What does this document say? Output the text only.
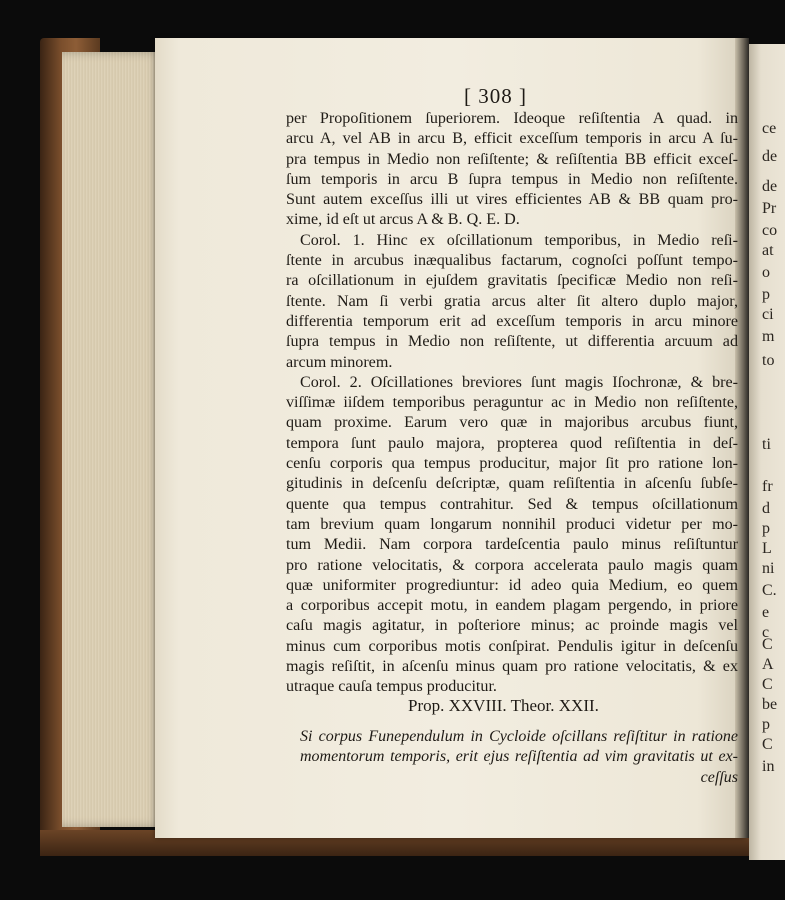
ce
de
de
Pr
co
at
o
p
ci
m
to
ti
fr
d
p
L
ni
C.
e
c
C
A
C
be
p
C
in
[ 308 ]
per Propoſitionem ſuperiorem. Ideoque reſiſtentia A quad. in
arcu A, vel AB in arcu B, efficit exceſſum temporis in arcu A ſu-
pra tempus in Medio non reſiſtente; & reſiſtentia BB efficit exceſ-
ſum temporis in arcu B ſupra tempus in Medio non reſiſtente.
Sunt autem exceſſus illi ut vires efficientes AB & BB quam pro-
xime, id eſt ut arcus A & B. Q. E. D.
Corol. 1. Hinc ex oſcillationum temporibus, in Medio reſi-
ſtente in arcubus inæqualibus factarum, cognoſci poſſunt tempo-
ra oſcillationum in ejuſdem gravitatis ſpecificæ Medio non reſi-
ſtente. Nam ſi verbi gratia arcus alter ſit altero duplo major,
differentia temporum erit ad exceſſum temporis in arcu minore
ſupra tempus in Medio non reſiſtente, ut differentia arcuum ad
arcum minorem.
Corol. 2. Oſcillationes breviores ſunt magis Iſochronæ, & bre-
viſſimæ iiſdem temporibus peraguntur ac in Medio non reſiſtente,
quam proxime. Earum vero quæ in majoribus arcubus fiunt,
tempora ſunt paulo majora, propterea quod reſiſtentia in deſ-
cenſu corporis qua tempus producitur, major ſit pro ratione lon-
gitudinis in deſcenſu deſcriptæ, quam reſiſtentia in aſcenſu ſubſe-
quente qua tempus contrahitur. Sed & tempus oſcillationum
tam brevium quam longarum nonnihil produci videtur per mo-
tum Medii. Nam corpora tardeſcentia paulo minus reſiſtuntur
pro ratione velocitatis, & corpora accelerata paulo magis quam
quæ uniformiter progrediuntur: id adeo quia Medium, eo quem
a corporibus accepit motu, in eandem plagam pergendo, in priore
caſu magis agitatur, in poſteriore minus; ac proinde magis vel
minus cum corporibus motis conſpirat. Pendulis igitur in deſcenſu
magis reſiſtit, in aſcenſu minus quam pro ratione velocitatis, & ex
utraque cauſa tempus producitur.
Prop. XXVIII. Theor. XXII.
Si corpus Funependulum in Cycloide oſcillans reſiſtitur in ratione
momentorum temporis, erit ejus reſiſtentia ad vim gravitatis ut ex-
ceſſus
